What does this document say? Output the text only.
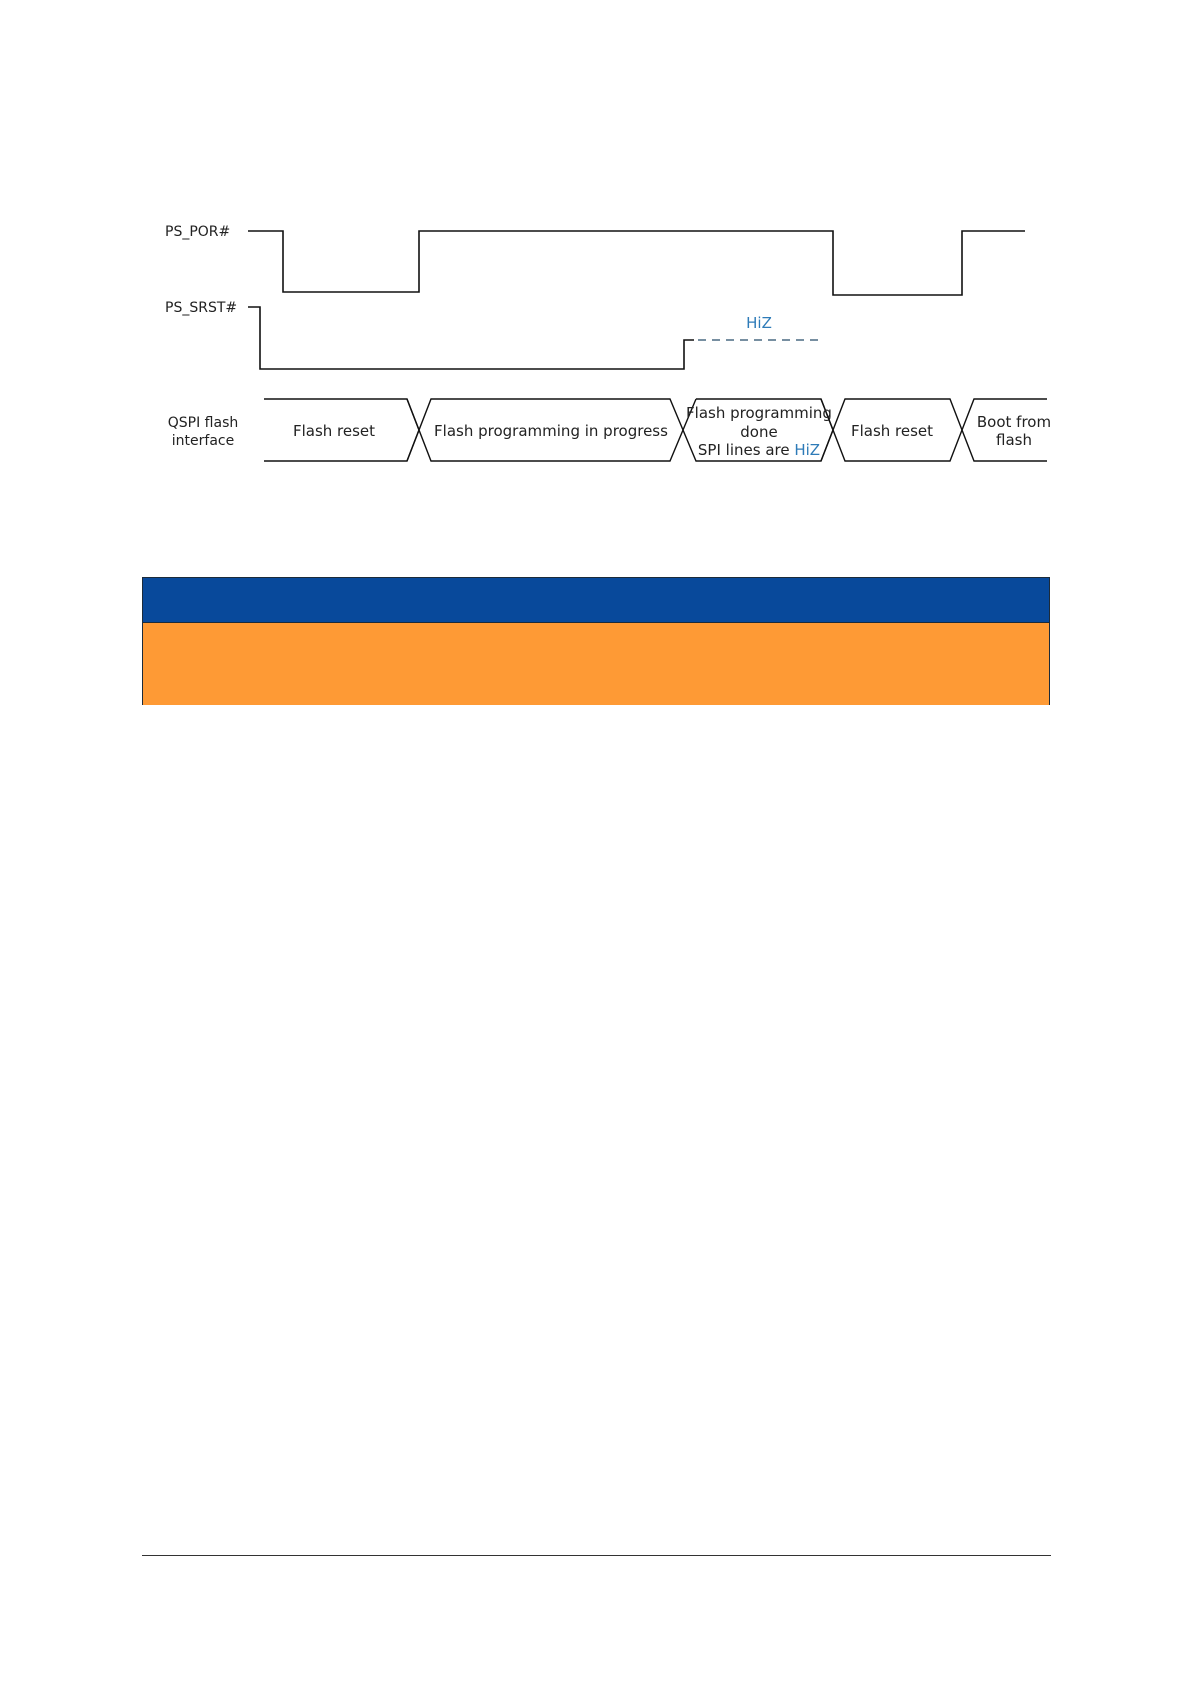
PS_POR#
PS_SRST#
QSPI flash
interface
HiZ
Flash reset	Flash programming in progress
Flash programming
done
SPI lines are HiZ
Flash reset	Boot from
flash
